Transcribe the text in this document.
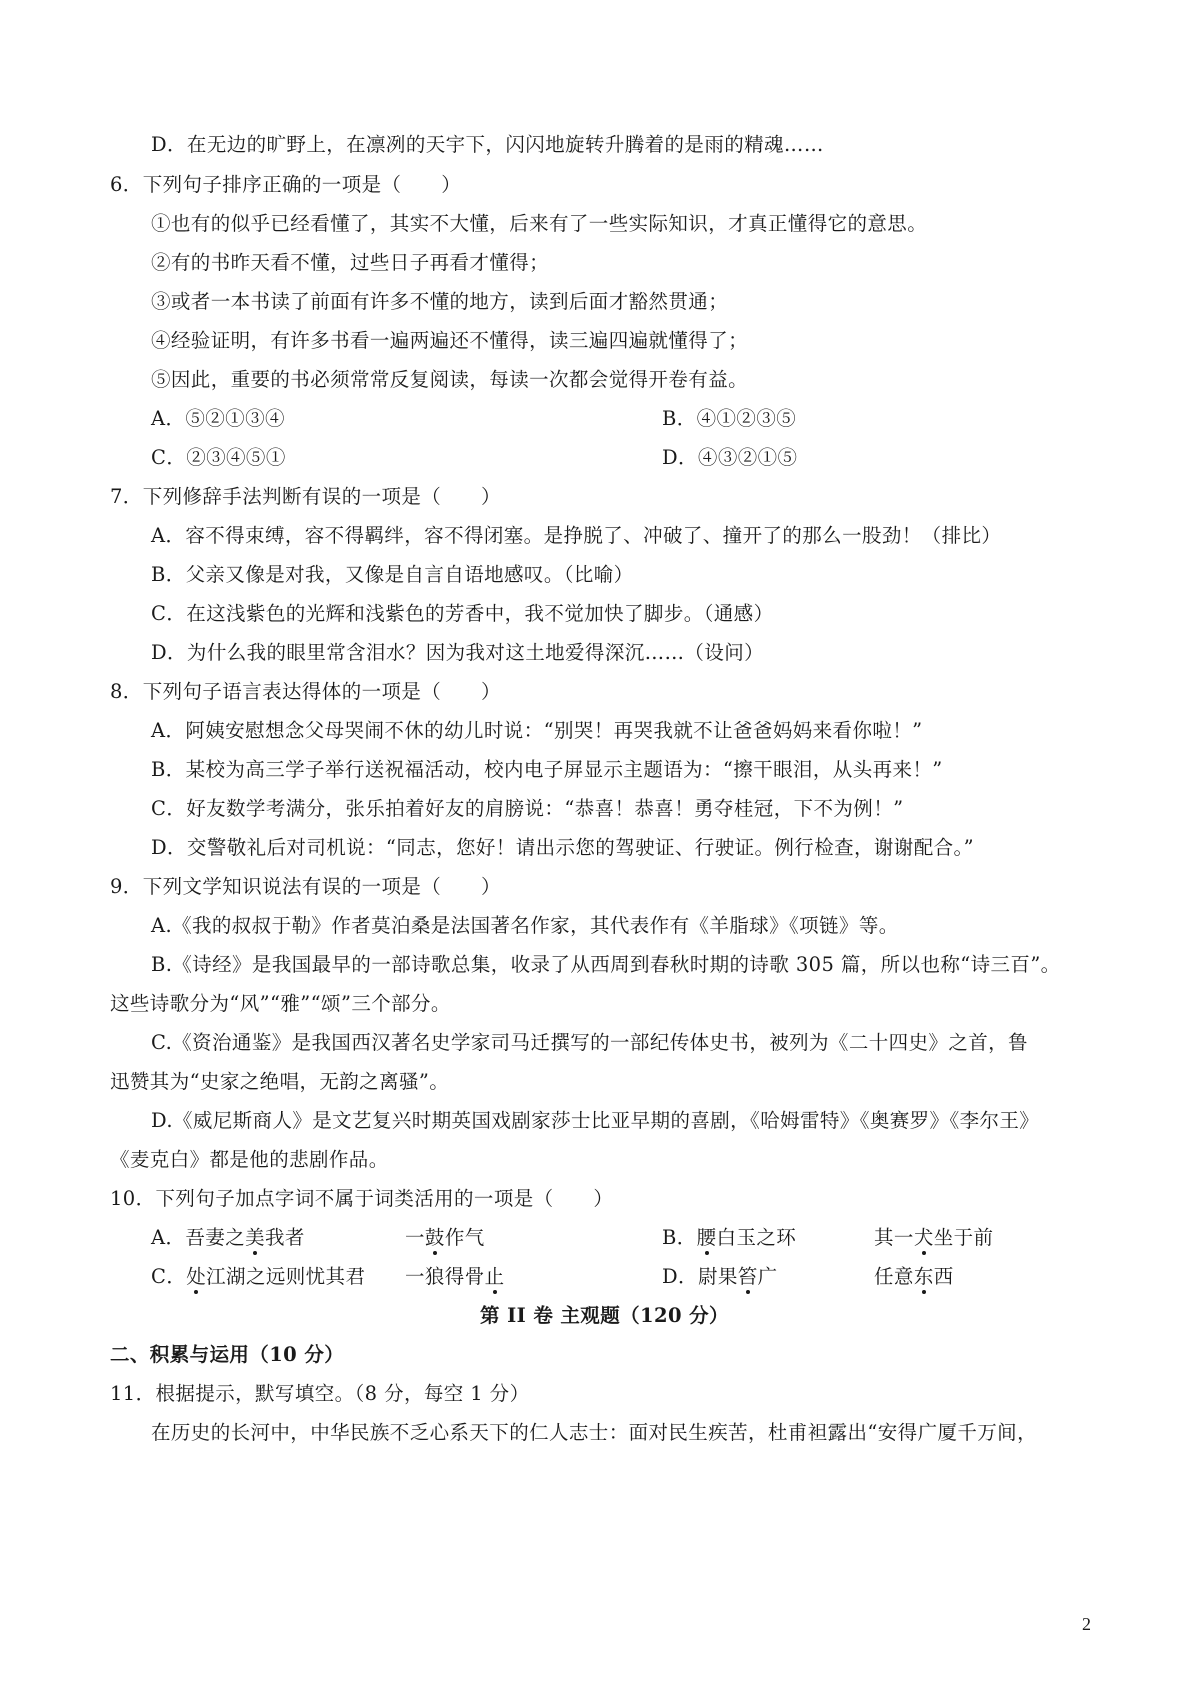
D．在无边的旷野上，在凛冽的天宇下，闪闪地旋转升腾着的是雨的精魂……
6．下列句子排序正确的一项是（　　）
①也有的似乎已经看懂了，其实不大懂，后来有了一些实际知识，才真正懂得它的意思。
②有的书昨天看不懂，过些日子再看才懂得；
③或者一本书读了前面有许多不懂的地方，读到后面才豁然贯通；
④经验证明，有许多书看一遍两遍还不懂得，读三遍四遍就懂得了；
⑤因此，重要的书必须常常反复阅读，每读一次都会觉得开卷有益。
A．⑤②①③④	B．④①②③⑤
C．②③④⑤①	D．④③②①⑤
7．下列修辞手法判断有误的一项是（　　）
A．容不得束缚，容不得羁绊，容不得闭塞。是挣脱了、冲破了、撞开了的那么一股劲！（排比）
B．父亲又像是对我，又像是自言自语地感叹。（比喻）
C．在这浅紫色的光辉和浅紫色的芳香中，我不觉加快了脚步。（通感）
D．为什么我的眼里常含泪水？因为我对这土地爱得深沉……（设问）
8．下列句子语言表达得体的一项是（　　）
A．阿姨安慰想念父母哭闹不休的幼儿时说：“别哭！再哭我就不让爸爸妈妈来看你啦！”
B．某校为高三学子举行送祝福活动，校内电子屏显示主题语为：“擦干眼泪，从头再来！”
C．好友数学考满分，张乐拍着好友的肩膀说：“恭喜！恭喜！勇夺桂冠，下不为例！”
D．交警敬礼后对司机说：“同志，您好！请出示您的驾驶证、行驶证。例行检查，谢谢配合。”
9．下列文学知识说法有误的一项是（　　）
A.《我的叔叔于勒》作者莫泊桑是法国著名作家，其代表作有《羊脂球》《项链》等。
B.《诗经》是我国最早的一部诗歌总集，收录了从西周到春秋时期的诗歌 305 篇，所以也称“诗三百”。
这些诗歌分为“风”“雅”“颂”三个部分。
C.《资治通鉴》是我国西汉著名史学家司马迁撰写的一部纪传体史书，被列为《二十四史》之首，鲁
迅赞其为“史家之绝唱，无韵之离骚”。
D.《威尼斯商人》是文艺复兴时期英国戏剧家莎士比亚早期的喜剧，《哈姆雷特》《奥赛罗》《李尔王》
《麦克白》都是他的悲剧作品。
10．下列句子加点字词不属于词类活用的一项是（　　）
A．吾妻之美我者	一鼓作气	B．腰白玉之环	其一犬坐于前
C．处江湖之远则忧其君 一狼得骨止	D．尉果笞广	任意东西
第 II 卷 主观题（120 分）
二、积累与运用（10 分）
11．根据提示，默写填空。（8 分，每空 1 分）
在历史的长河中，中华民族不乏心系天下的仁人志士：面对民生疾苦，杜甫袒露出“安得广厦千万间，
2
